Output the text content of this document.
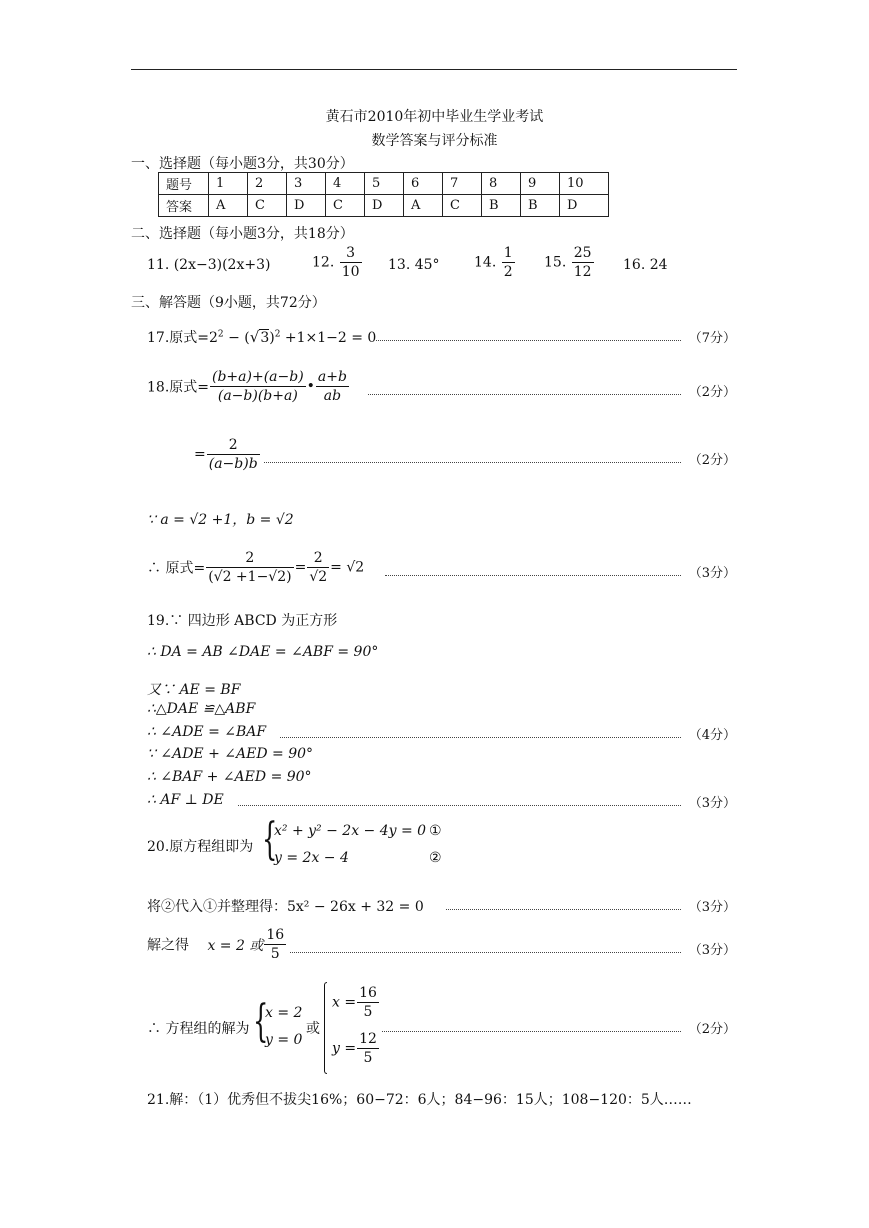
黄石市2010年初中毕业生学业考试
数学答案与评分标准
一、选择题（每小题3分，共30分）
题号	1	2	3	4	5	6	7	8	9	10
答案	A	C	D	C	D	A	C	B	B	D
二、选择题（每小题3分，共18分）
11. (2x−3)(2x+3)	12. $\frac{3}{10} 13$. 45° 14. $\frac{1}{2} 15$. $\frac{25}{12} 16$. 24
三、解答题（9小题，共72分）
17.原式$=2^2 - (√3)^2 +1\times 1-2 = 0$	（7分）
18.原式= $\frac{(b+a)+(a-b)}{(a-b)(b+a)}$ • $\frac{a+b}{ab}$	（2分）
= $\frac{2}{(a-b)b}$	（2分）
∵ a = √2 +1，b = √2
∴ 原式= $\frac{2}{(√2 +1-√2)} = \frac{2}{√2} = √2$	（3分）
19.∵ 四边形 ABCD 为正方形
∴ DA = AB ∠DAE = ∠ABF = 90°
又∵ AE = BF
∴△DAE ≌△ABF
∴ ∠ADE = ∠BAF	（4分）
∵ ∠ADE + ∠AED = 90°
∴ ∠BAF + ∠AED = 90°
∴ AF ⊥ DE	（3分）
20.原方程组即为 {
x² + y² − 2x − 4y = 0 ①
y = 2x − 4	②
将②代入①并整理得：5x² − 26x + 32 = 0	（3分）
解之得 x = 2 或 $\frac{16}{5}$	（3分）
∴ 方程组的解为 {
x = 2
y = 0
或
$x = \frac{16}{5}$
$y = \frac{12}{5}$
（2分）
21.解：（1）优秀但不拔尖16%；60−72：6人；84−96：15人；108−120：5人……
